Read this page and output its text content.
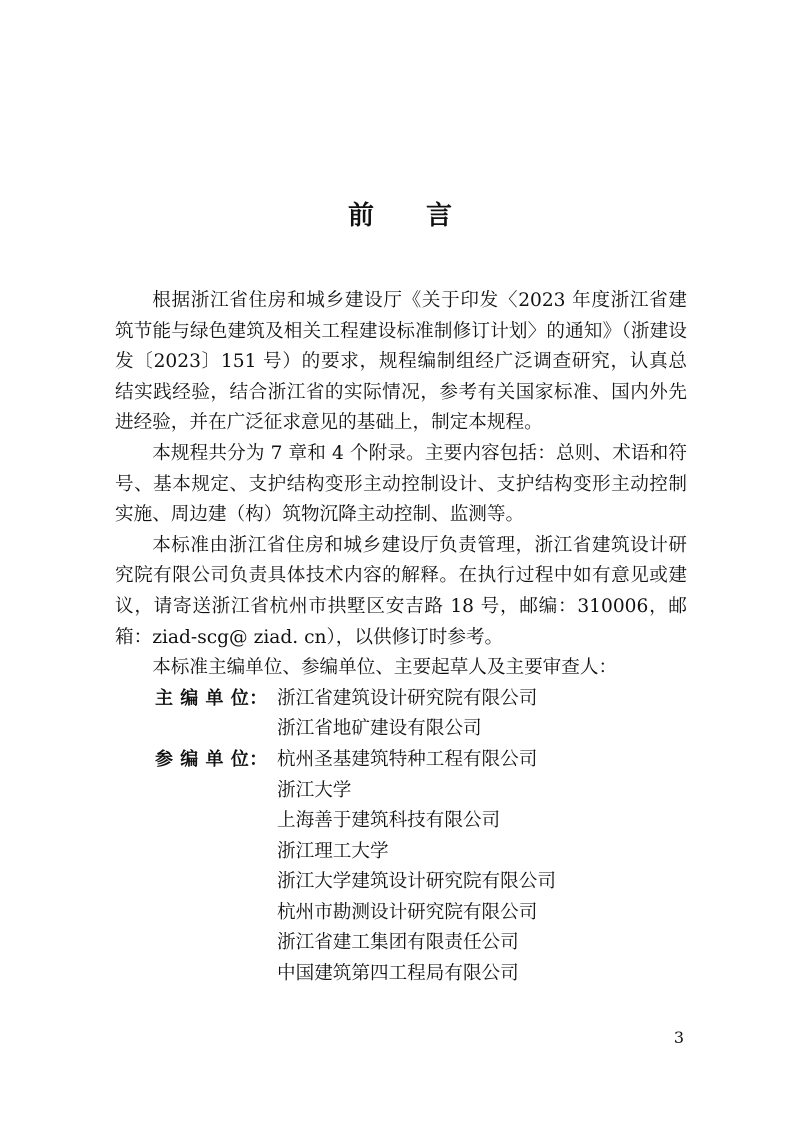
前 言

根据浙江省住房和城乡建设厅《关于印发〈2023 年度浙江省建筑节能与绿色建筑及相关工程建设标准制修订计划〉的通知》（浙建设发〔2023〕151 号）的要求，规程编制组经广泛调查研究，认真总结实践经验，结合浙江省的实际情况，参考有关国家标准、国内外先进经验，并在广泛征求意见的基础上，制定本规程。

本规程共分为 7 章和 4 个附录。主要内容包括：总则、术语和符号、基本规定、支护结构变形主动控制设计、支护结构变形主动控制实施、周边建（构）筑物沉降主动控制、监测等。

本标准由浙江省住房和城乡建设厅负责管理，浙江省建筑设计研究院有限公司负责具体技术内容的解释。在执行过程中如有意见或建议，请寄送浙江省杭州市拱墅区安吉路 18 号，邮编：310006，邮箱：ziad-scg@ ziad. cn），以供修订时参考。

本标准主编单位、参编单位、主要起草人及主要审查人：

主 编 单 位： 浙江省建筑设计研究院有限公司
浙江省地矿建设有限公司
参 编 单 位： 杭州圣基建筑特种工程有限公司
浙江大学
上海善于建筑科技有限公司
浙江理工大学
浙江大学建筑设计研究院有限公司
杭州市勘测设计研究院有限公司
浙江省建工集团有限责任公司
中国建筑第四工程局有限公司
3
